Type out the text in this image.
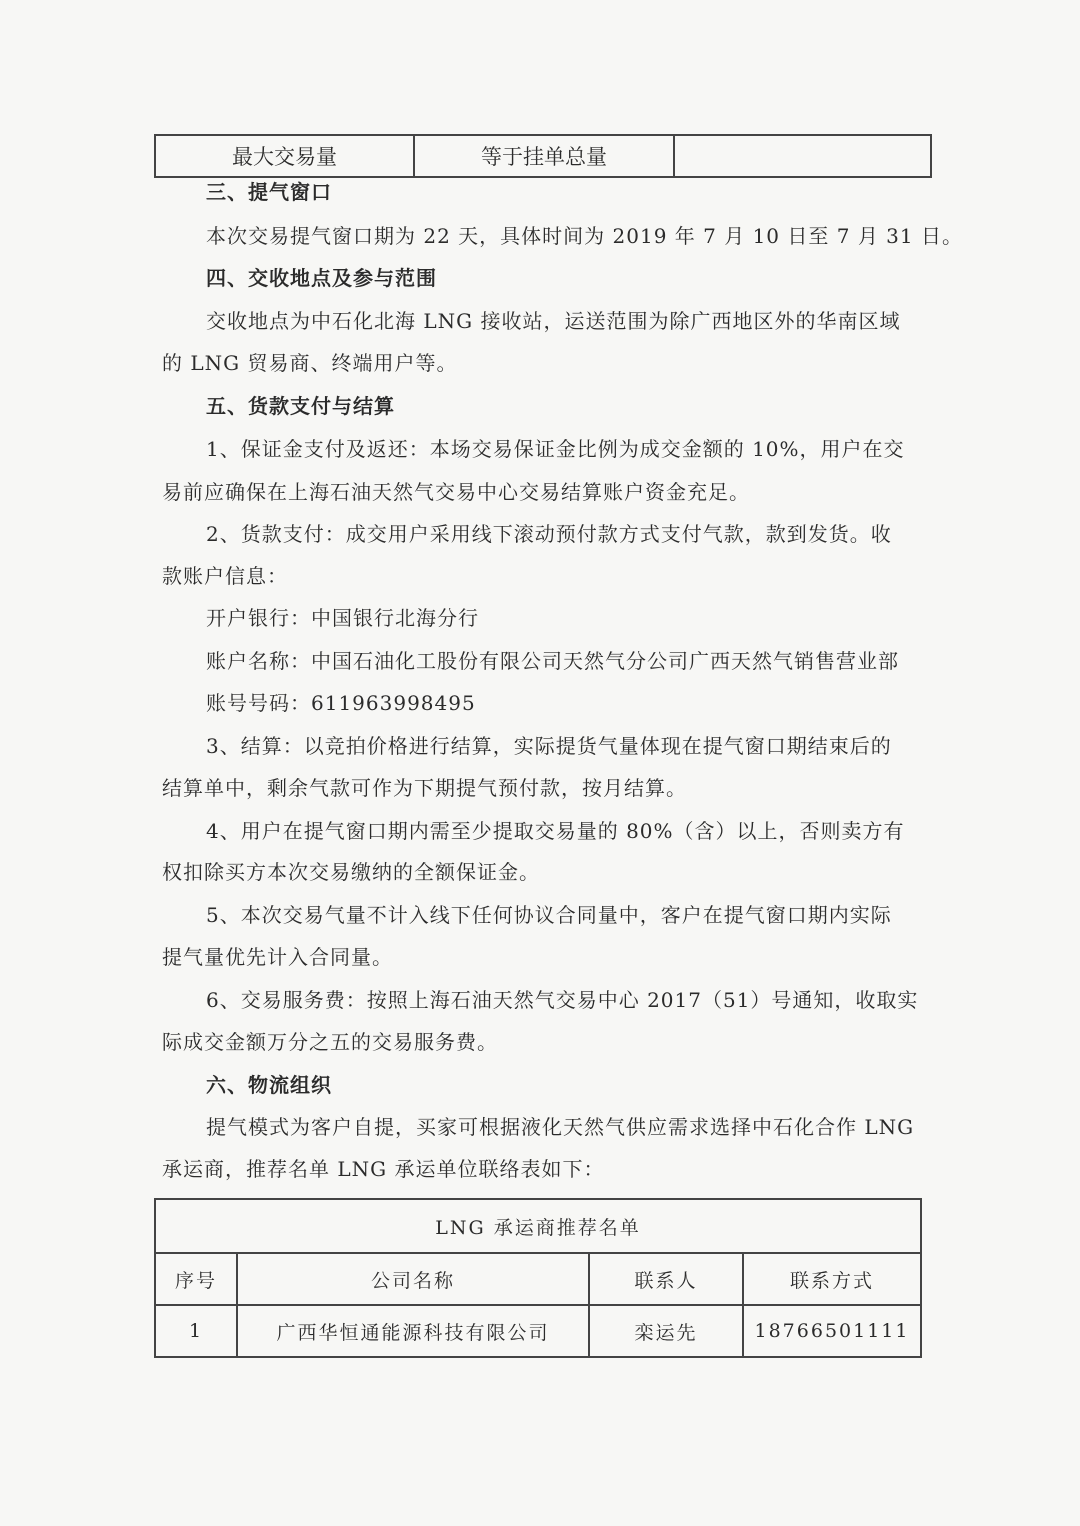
最大交易量	等于挂单总量	
三、提气窗口
本次交易提气窗口期为 22 天，具体时间为 2019 年 7 月 10 日至 7 月 31 日。
四、交收地点及参与范围
交收地点为中石化北海 LNG 接收站，运送范围为除广西地区外的华南区域
的 LNG 贸易商、终端用户等。
五、货款支付与结算
1、保证金支付及返还：本场交易保证金比例为成交金额的 10%，用户在交
易前应确保在上海石油天然气交易中心交易结算账户资金充足。
2、货款支付：成交用户采用线下滚动预付款方式支付气款，款到发货。收
款账户信息：
开户银行：中国银行北海分行
账户名称：中国石油化工股份有限公司天然气分公司广西天然气销售营业部
账号号码：611963998495
3、结算：以竞拍价格进行结算，实际提货气量体现在提气窗口期结束后的
结算单中，剩余气款可作为下期提气预付款，按月结算。
4、用户在提气窗口期内需至少提取交易量的 80%（含）以上，否则卖方有
权扣除买方本次交易缴纳的全额保证金。
5、本次交易气量不计入线下任何协议合同量中，客户在提气窗口期内实际
提气量优先计入合同量。
6、交易服务费：按照上海石油天然气交易中心 2017（51）号通知，收取实
际成交金额万分之五的交易服务费。
六、物流组织
提气模式为客户自提，买家可根据液化天然气供应需求选择中石化合作 LNG
承运商，推荐名单 LNG 承运单位联络表如下：
LNG 承运商推荐名单			
序号	公司名称	联系人	联系方式
1	广西华恒通能源科技有限公司	栾运先	18766501111
